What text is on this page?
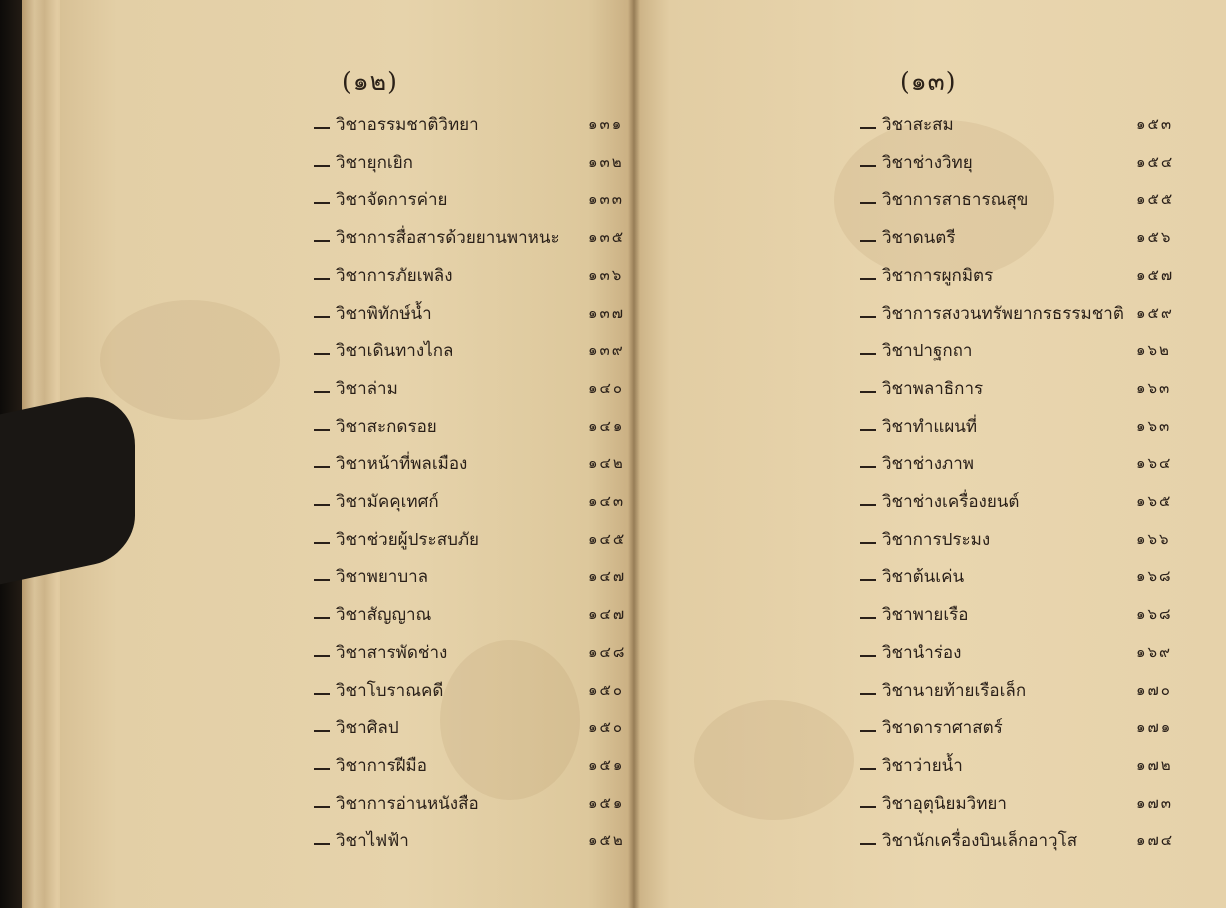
(๑๒)	(๑๓)
วิชาอรรมชาติวิทยา	๑๓๑
วิชายุกเยิก	๑๓๒
วิชาจัดการค่าย	๑๓๓
วิชาการสื่อสารด้วยยานพาหนะ ๑๓๕
วิชาการภัยเพลิง	๑๓๖
วิชาพิทักษ์น้ำ	๑๓๗
วิชาเดินทางไกล	๑๓๙
วิชาล่าม	๑๔๐
วิชาสะกดรอย	๑๔๑
วิชาหน้าที่พลเมือง	๑๔๒
วิชามัคคุเทศก์	๑๔๓
วิชาช่วยผู้ประสบภัย	๑๔๕
วิชาพยาบาล	๑๔๗
วิชาสัญญาณ	๑๔๗
วิชาสารพัดช่าง	๑๔๘
วิชาโบราณคดี	๑๕๐
วิชาศิลป	๑๕๐
วิชาการฝีมือ	๑๕๑
วิชาการอ่านหนังสือ	๑๕๑
วิชาไฟฟ้า	๑๕๒
วิชาสะสม	๑๕๓
วิชาช่างวิทยุ	๑๕๔
วิชาการสาธารณสุข	๑๕๕
วิชาดนตรี	๑๕๖
วิชาการผูกมิตร	๑๕๗
วิชาการสงวนทรัพยากรธรรมชาติ ๑๕๙
วิชาปาฐกถา	๑๖๒
วิชาพลาธิการ	๑๖๓
วิชาทำแผนที่	๑๖๓
วิชาช่างภาพ	๑๖๔
วิชาช่างเครื่องยนต์	๑๖๕
วิชาการประมง	๑๖๖
วิชาต้นเค่น	๑๖๘
วิชาพายเรือ	๑๖๘
วิชานำร่อง	๑๖๙
วิชานายท้ายเรือเล็ก	๑๗๐
วิชาดาราศาสตร์	๑๗๑
วิชาว่ายน้ำ	๑๗๒
วิชาอุตุนิยมวิทยา	๑๗๓
วิชานักเครื่องบินเล็กอาวุโส	๑๗๔
